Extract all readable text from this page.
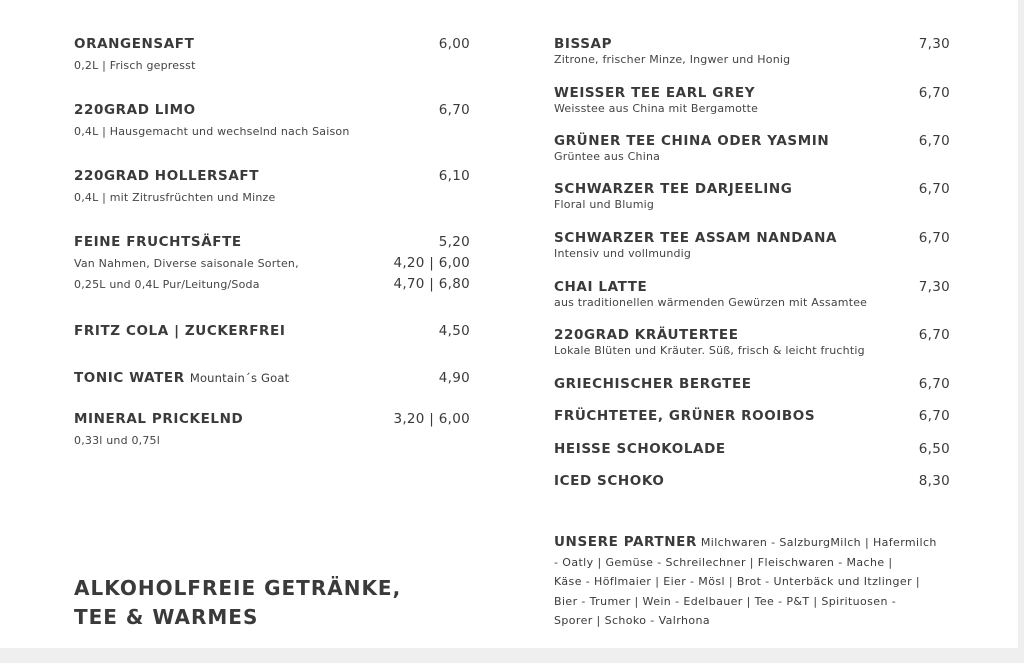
ORANGENSAFT	6,00
0,2L | Frisch gepresst
220GRAD LIMO	6,70
0,4L | Hausgemacht und wechselnd nach Saison
220GRAD HOLLERSAFT	6,10
0,4L | mit Zitrusfrüchten und Minze
FEINE FRUCHTSÄFTE	5,20
Van Nahmen, Diverse saisonale Sorten,	4,20 | 6,00
0,25L und 0,4L Pur/Leitung/Soda	4,70 | 6,80
FRITZ COLA | ZUCKERFREI	4,50
TONIC WATER Mountain´s Goat	4,90
MINERAL PRICKELND	3,20 | 6,00
0,33l und 0,75l
BISSAP	7,30
Zitrone, frischer Minze, Ingwer und Honig
WEISSER TEE EARL GREY	6,70
Weisstee aus China mit Bergamotte
GRÜNER TEE CHINA ODER YASMIN	6,70
Grüntee aus China
SCHWARZER TEE DARJEELING	6,70
Floral und Blumig
SCHWARZER TEE ASSAM NANDANA	6,70
Intensiv und vollmundig
CHAI LATTE	7,30
aus traditionellen wärmenden Gewürzen mit Assamtee
220GRAD KRÄUTERTEE	6,70
Lokale Blüten und Kräuter. Süß, frisch & leicht fruchtig
GRIECHISCHER BERGTEE	6,70
FRÜCHTETEE, GRÜNER ROOIBOS	6,70
HEISSE SCHOKOLADE	6,50
ICED SCHOKO	8,30
ALKOHOLFREIE GETRÄNKE,
TEE & WARMES
UNSERE PARTNER Milchwaren - SalzburgMilch | Hafermilch
- Oatly | Gemüse - Schreilechner | Fleischwaren - Mache |
Käse - Höflmaier | Eier - Mösl | Brot - Unterbäck und Itzlinger |
Bier - Trumer | Wein - Edelbauer | Tee - P&T | Spirituosen -
Sporer | Schoko - Valrhona
